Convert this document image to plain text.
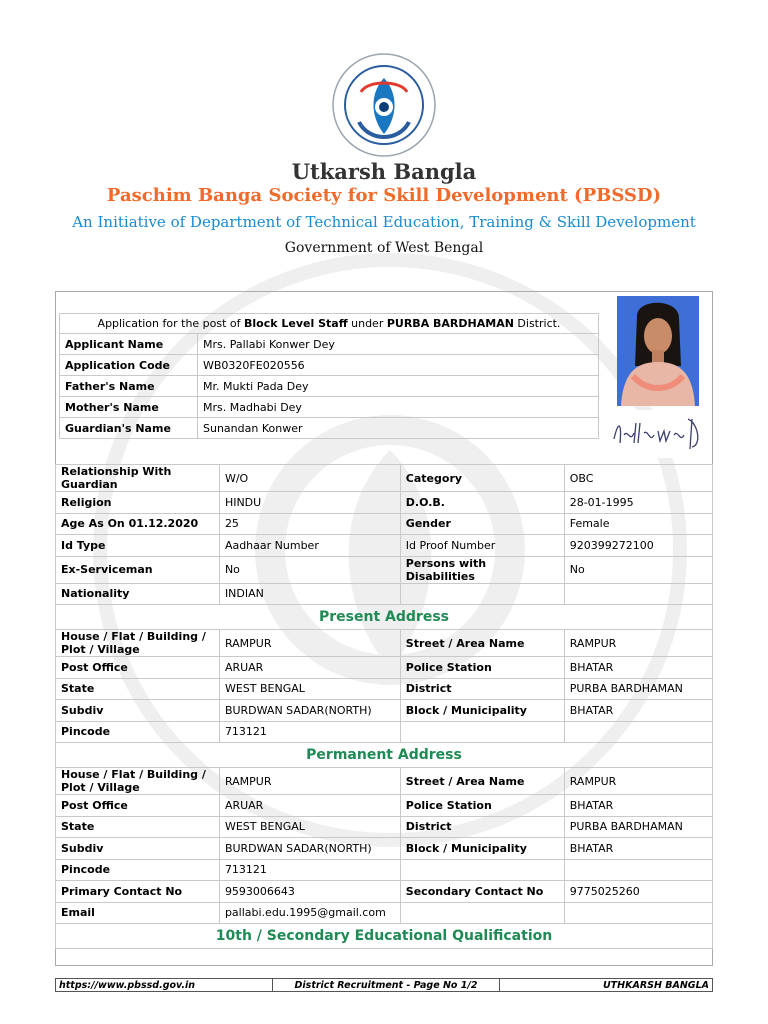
Utkarsh Bangla
Paschim Banga Society for Skill Development (PBSSD)
An Initiative of Department of Technical Education, Training & Skill Development
Government of West Bengal
Application for the post of Block Level Staff under PURBA BARDHAMAN District.	
Applicant Name	Mrs. Pallabi Konwer Dey
Application Code	WB0320FE020556
Father's Name	Mr. Mukti Pada Dey
Mother's Name	Mrs. Madhabi Dey
Guardian's Name	Sunandan Konwer
Relationship With Guardian	W/O	Category	OBC
Religion	HINDU	D.O.B.	28-01-1995
Age As On 01.12.2020	25	Gender	Female
Id Type	Aadhaar Number	Id Proof Number	920399272100
Ex-Serviceman	No	Persons with Disabilities	No
Nationality	INDIAN		
Present Address			
House / Flat / Building / Plot / Village	RAMPUR	Street / Area Name	RAMPUR
Post Office	ARUAR	Police Station	BHATAR
State	WEST BENGAL	District	PURBA BARDHAMAN
Subdiv	BURDWAN SADAR(NORTH)	Block / Municipality	BHATAR
Pincode	713121		
Permanent Address			
House / Flat / Building / Plot / Village	RAMPUR	Street / Area Name	RAMPUR
Post Office	ARUAR	Police Station	BHATAR
State	WEST BENGAL	District	PURBA BARDHAMAN
Subdiv	BURDWAN SADAR(NORTH)	Block / Municipality	BHATAR
Pincode	713121		
Primary Contact No	9593006643	Secondary Contact No	9775025260
Email	pallabi.edu.1995@gmail.com		
10th / Secondary Educational Qualification			
https://www.pbssd.gov.in	District Recruitment - Page No 1/2	UTHKARSH BANGLA
